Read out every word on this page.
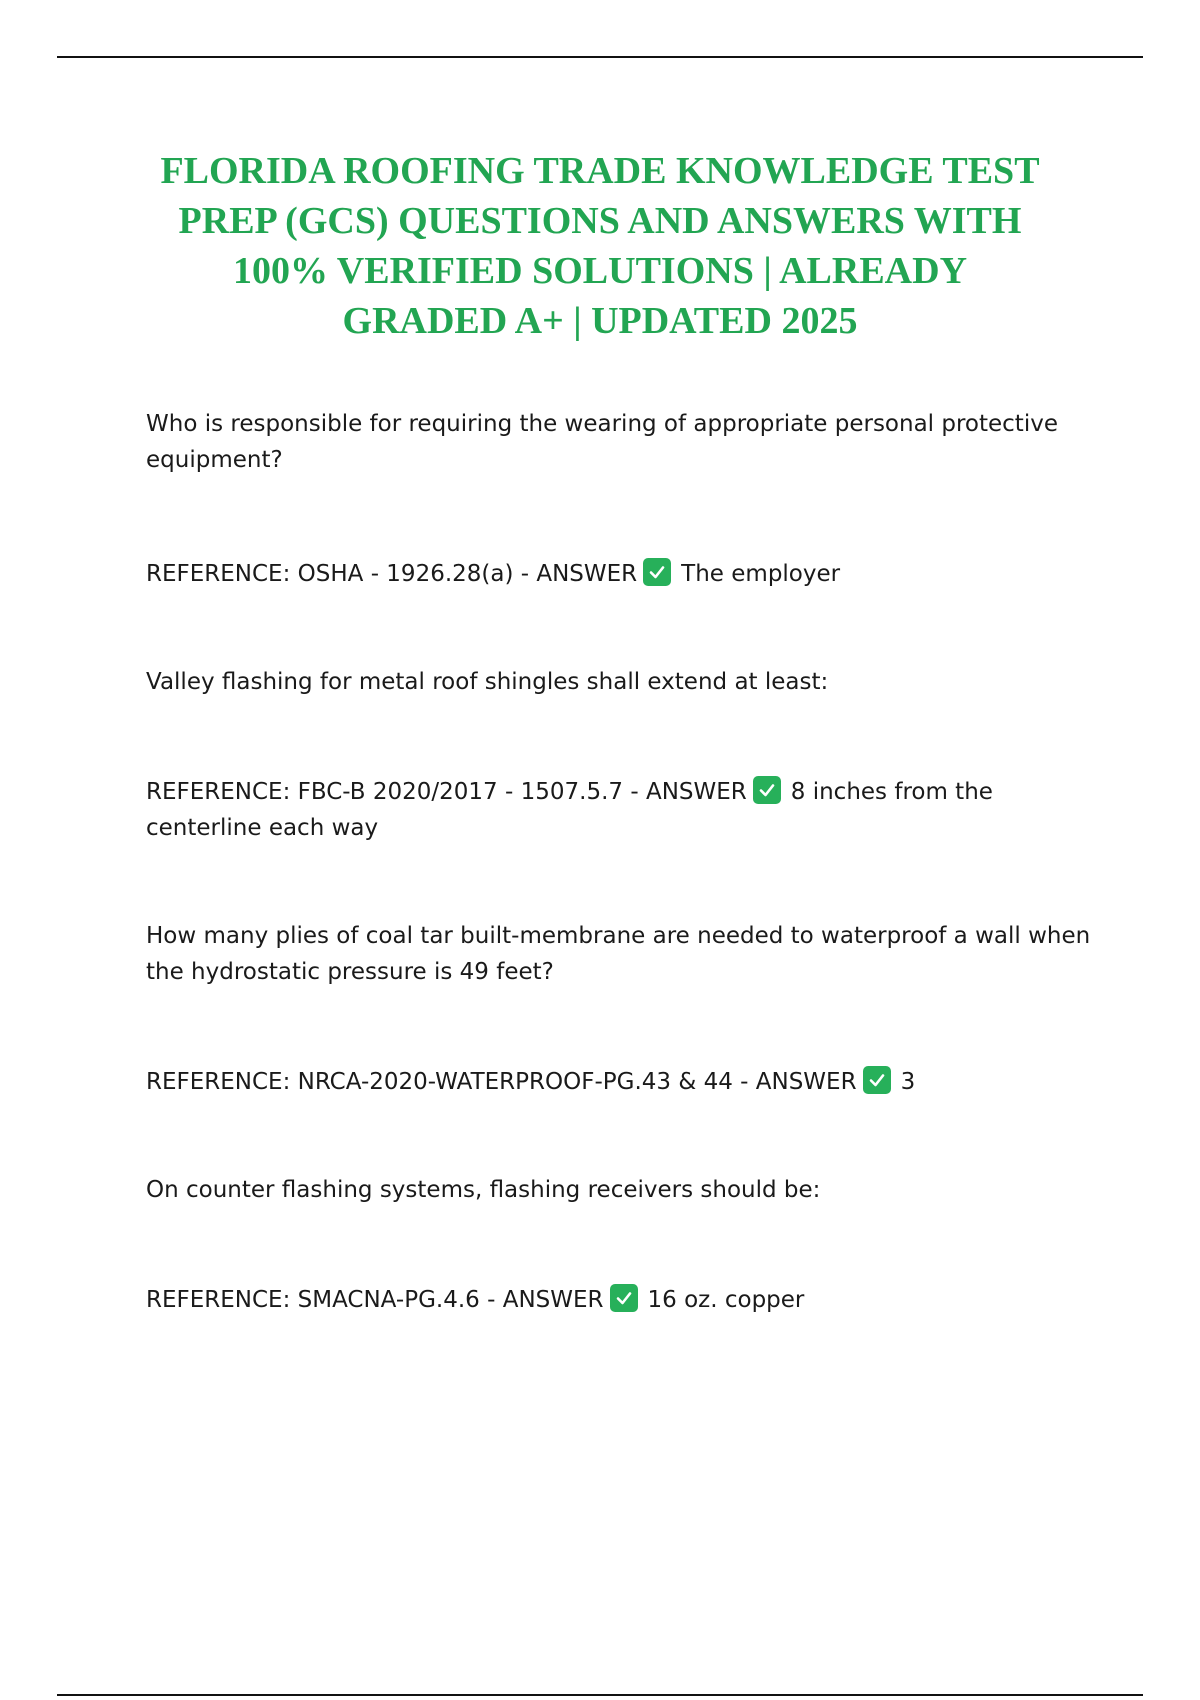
FLORIDA ROOFING TRADE KNOWLEDGE TEST
PREP (GCS) QUESTIONS AND ANSWERS WITH
100% VERIFIED SOLUTIONS | ALREADY
GRADED A+ | UPDATED 2025

Who is responsible for requiring the wearing of appropriate personal protective
equipment?

REFERENCE: OSHA - 1926.28(a) - ANSWER The employer

Valley flashing for metal roof shingles shall extend at least:

REFERENCE: FBC-B 2020/2017 - 1507.5.7 - ANSWER 8 inches from the
centerline each way

How many plies of coal tar built-membrane are needed to waterproof a wall when
the hydrostatic pressure is 49 feet?

REFERENCE: NRCA-2020-WATERPROOF-PG.43 & 44 - ANSWER 3

On counter flashing systems, flashing receivers should be:

REFERENCE: SMACNA-PG.4.6 - ANSWER 16 oz. copper
